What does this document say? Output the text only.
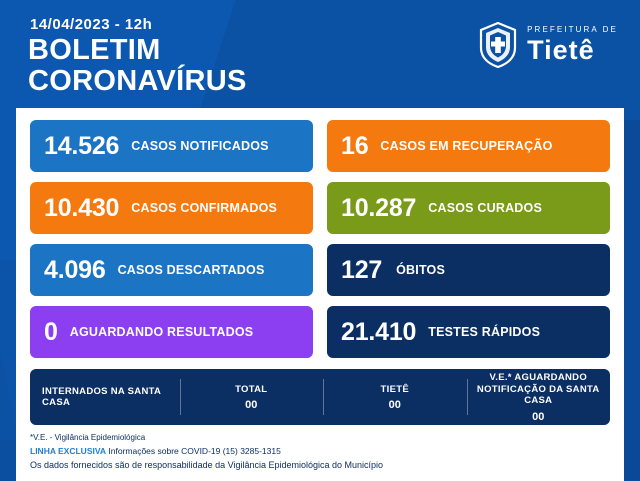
14/04/2023 - 12h
BOLETIM
CORONAVÍRUS
PREFEITURA DE
Tietê
14.526 CASOS NOTIFICADOS	16 CASOS EM RECUPERAÇÃO
10.430 CASOS CONFIRMADOS	10.287 CASOS CURADOS
4.096 CASOS DESCARTADOS	127 ÓBITOS
0 AGUARDANDO RESULTADOS	21.410 TESTES RÁPIDOS
INTERNADOS NA SANTA CASA
TOTAL
00
TIETÊ
00
V.E.* AGUARDANDO NOTIFICAÇÃO DA SANTA CASA
00
*V.E. - Vigilância Epidemiológica
LINHA EXCLUSIVA Informações sobre COVID-19 (15) 3285-1315
Os dados fornecidos são de responsabilidade da Vigilância Epidemiológica do Município
